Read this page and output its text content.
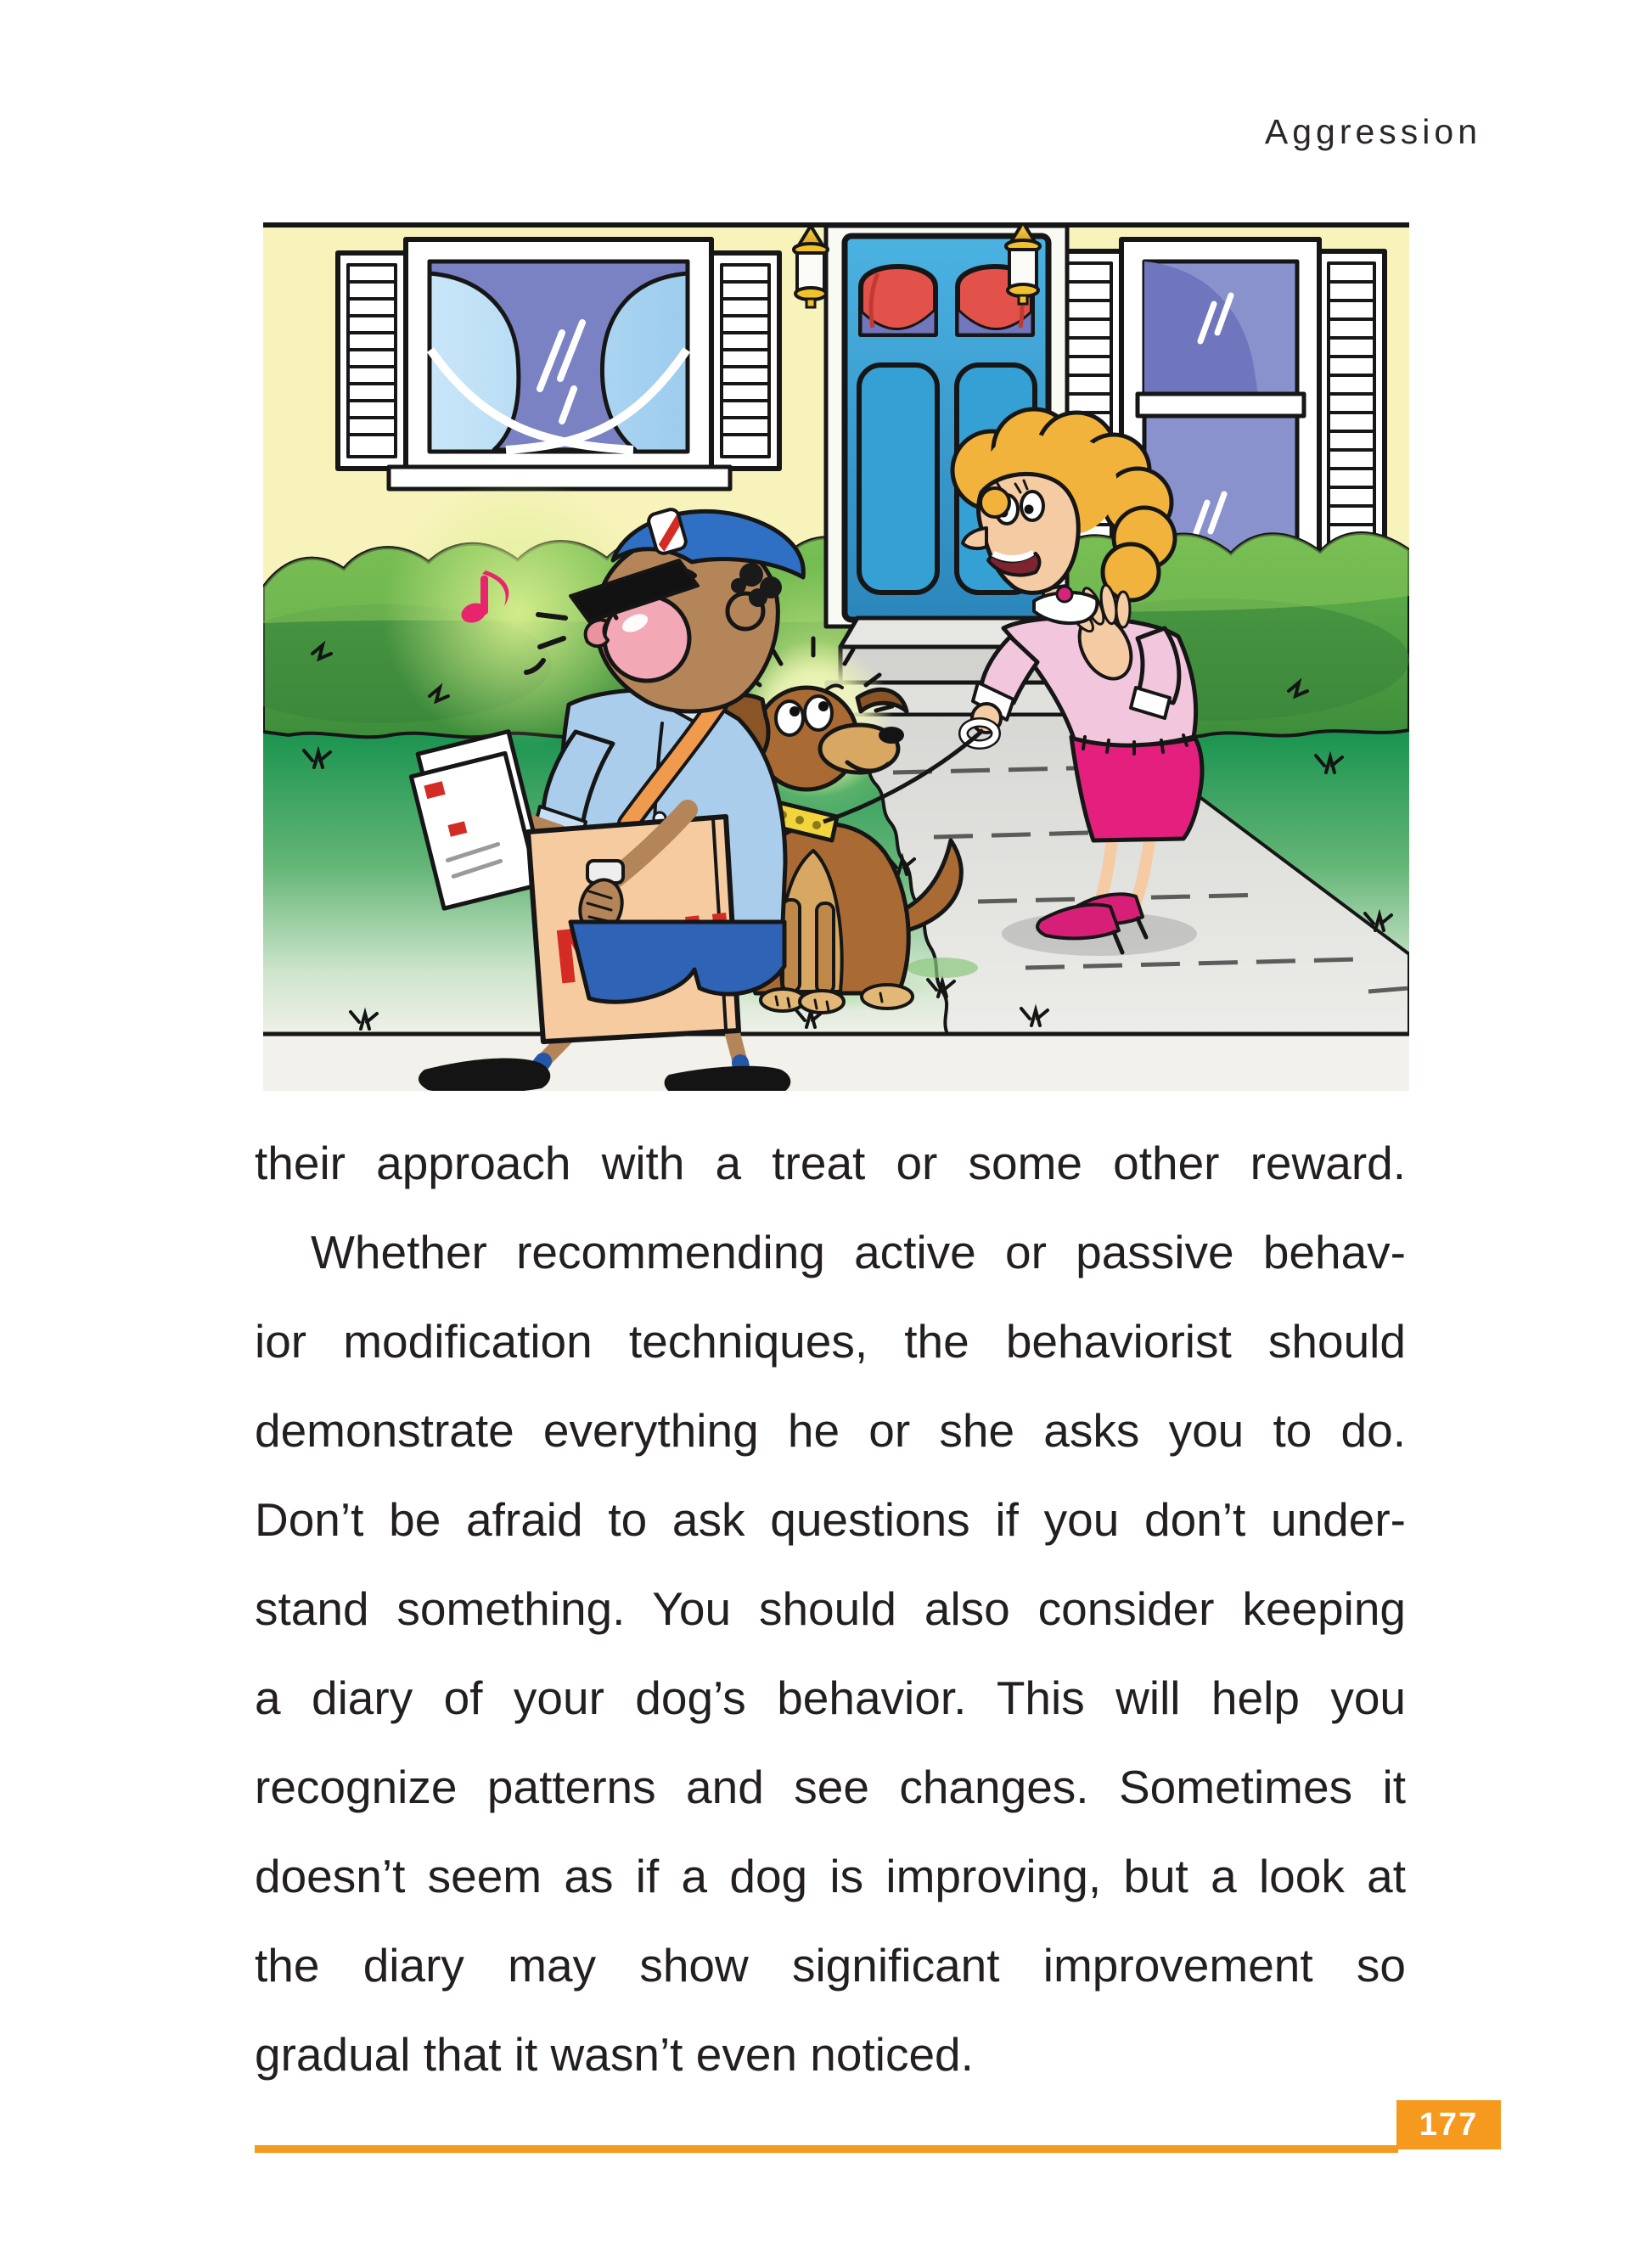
Aggression
their approach with a treat or some other reward.
Whether recommending active or passive behav-
ior modification techniques, the behaviorist should
demonstrate everything he or she asks you to do.
Don’t be afraid to ask questions if you don’t under-
stand something. You should also consider keeping
a diary of your dog’s behavior. This will help you
recognize patterns and see changes. Sometimes it
doesn’t seem as if a dog is improving, but a look at
the diary may show significant improvement so
gradual that it wasn’t even noticed.
177
